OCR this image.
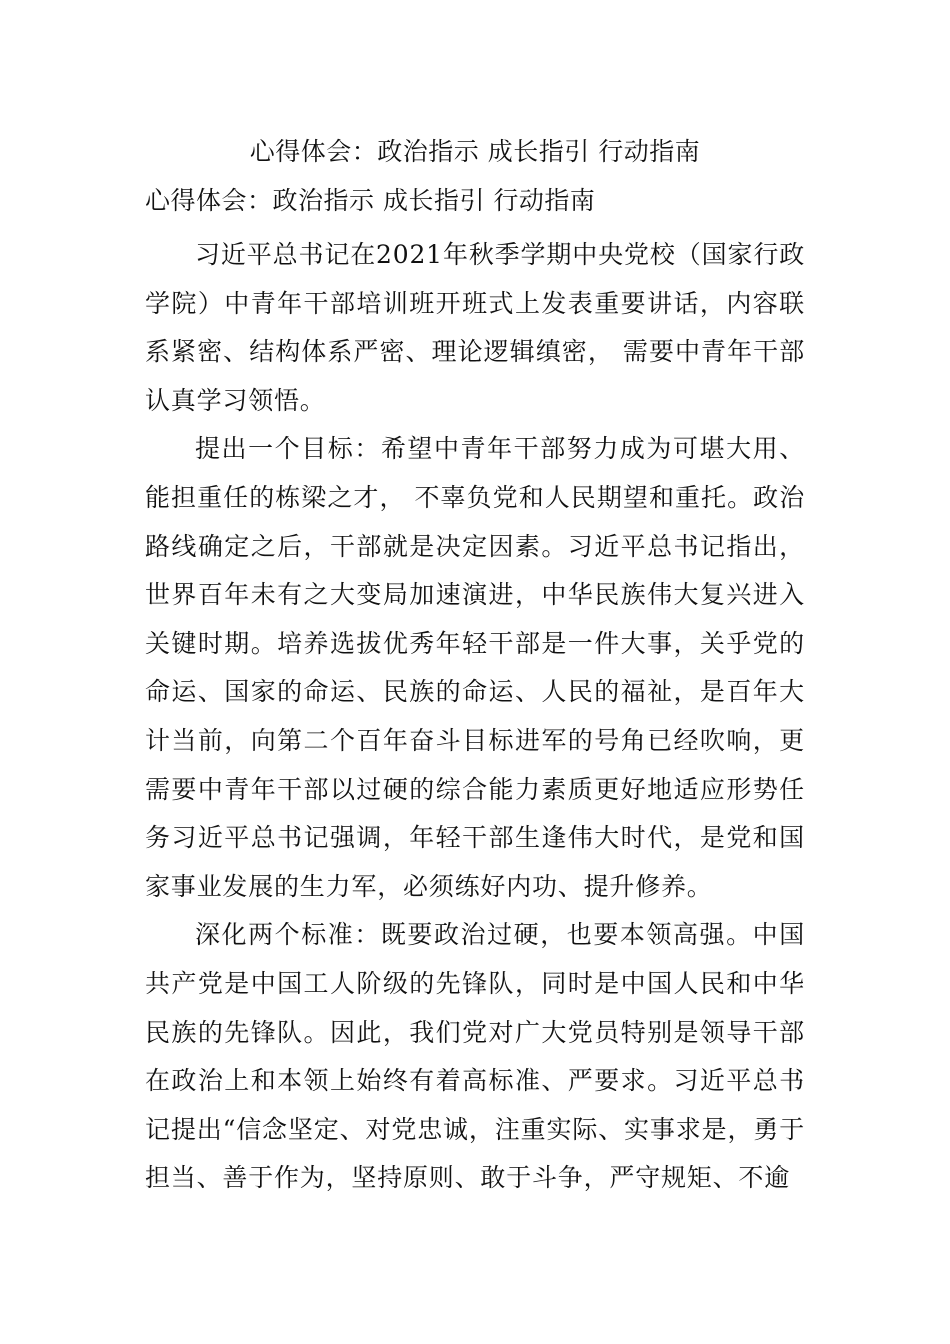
心得体会：政治指示 成长指引 行动指南
心得体会：政治指示 成长指引 行动指南

习近平总书记在2021年秋季学期中央党校（国家行政学院）中青年干部培训班开班式上发表重要讲话，内容联系紧密、结构体系严密、理论逻辑缜密， 需要中青年干部认真学习领悟。

提出一个目标：希望中青年干部努力成为可堪大用、能担重任的栋梁之才， 不辜负党和人民期望和重托。政治路线确定之后，干部就是决定因素。习近平总书记指出，世界百年未有之大变局加速演进，中华民族伟大复兴进入关键时期。培养选拔优秀年轻干部是一件大事，关乎党的命运、国家的命运、民族的命运、人民的福祉，是百年大计当前，向第二个百年奋斗目标进军的号角已经吹响，更需要中青年干部以过硬的综合能力素质更好地适应形势任务习近平总书记强调，年轻干部生逢伟大时代，是党和国家事业发展的生力军，必须练好内功、提升修养。

深化两个标准：既要政治过硬，也要本领高强。中国共产党是中国工人阶级的先锋队，同时是中国人民和中华民族的先锋队。因此，我们党对广大党员特别是领导干部在政治上和本领上始终有着高标准、严要求。习近平总书记提出“信念坚定、对党忠诚，注重实际、实事求是，勇于担当、善于作为，坚持原则、敢于斗争，严守规矩、不逾
